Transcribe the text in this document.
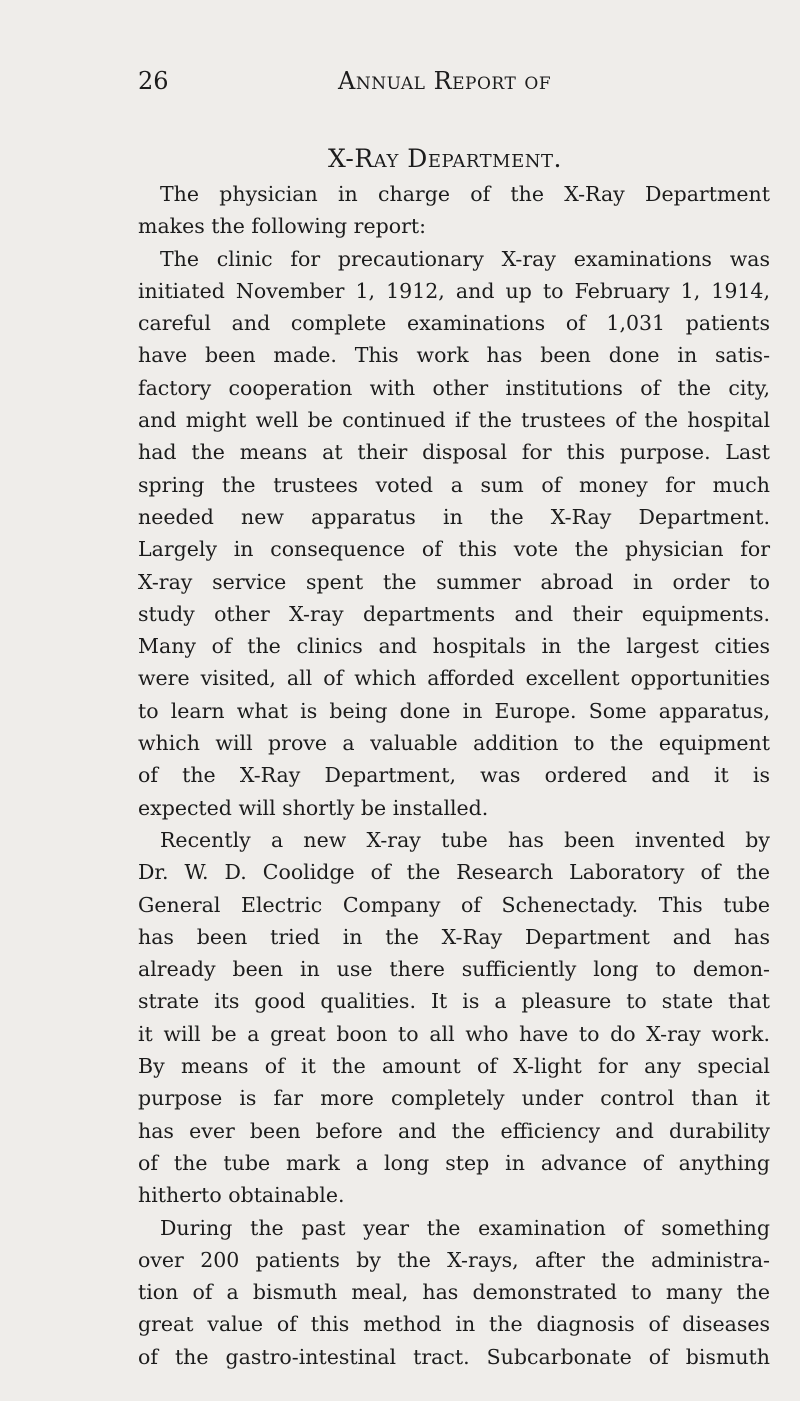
26	Annual Report of
X-Ray Department.
The physician in charge of the X-Ray Department
makes the following report:
The clinic for precautionary X-ray examinations was
initiated November 1, 1912, and up to February 1, 1914,
careful and complete examinations of 1,031 patients
have been made. This work has been done in satis-
factory cooperation with other institutions of the city,
and might well be continued if the trustees of the hospital
had the means at their disposal for this purpose. Last
spring the trustees voted a sum of money for much
needed new apparatus in the X-Ray Department.
Largely in consequence of this vote the physician for
X-ray service spent the summer abroad in order to
study other X-ray departments and their equipments.
Many of the clinics and hospitals in the largest cities
were visited, all of which afforded excellent opportunities
to learn what is being done in Europe. Some apparatus,
which will prove a valuable addition to the equipment
of the X-Ray Department, was ordered and it is
expected will shortly be installed.
Recently a new X-ray tube has been invented by
Dr. W. D. Coolidge of the Research Laboratory of the
General Electric Company of Schenectady. This tube
has been tried in the X-Ray Department and has
already been in use there sufficiently long to demon-
strate its good qualities. It is a pleasure to state that
it will be a great boon to all who have to do X-ray work.
By means of it the amount of X-light for any special
purpose is far more completely under control than it
has ever been before and the efficiency and durability
of the tube mark a long step in advance of anything
hitherto obtainable.
During the past year the examination of something
over 200 patients by the X-rays, after the administra-
tion of a bismuth meal, has demonstrated to many the
great value of this method in the diagnosis of diseases
of the gastro-intestinal tract. Subcarbonate of bismuth
